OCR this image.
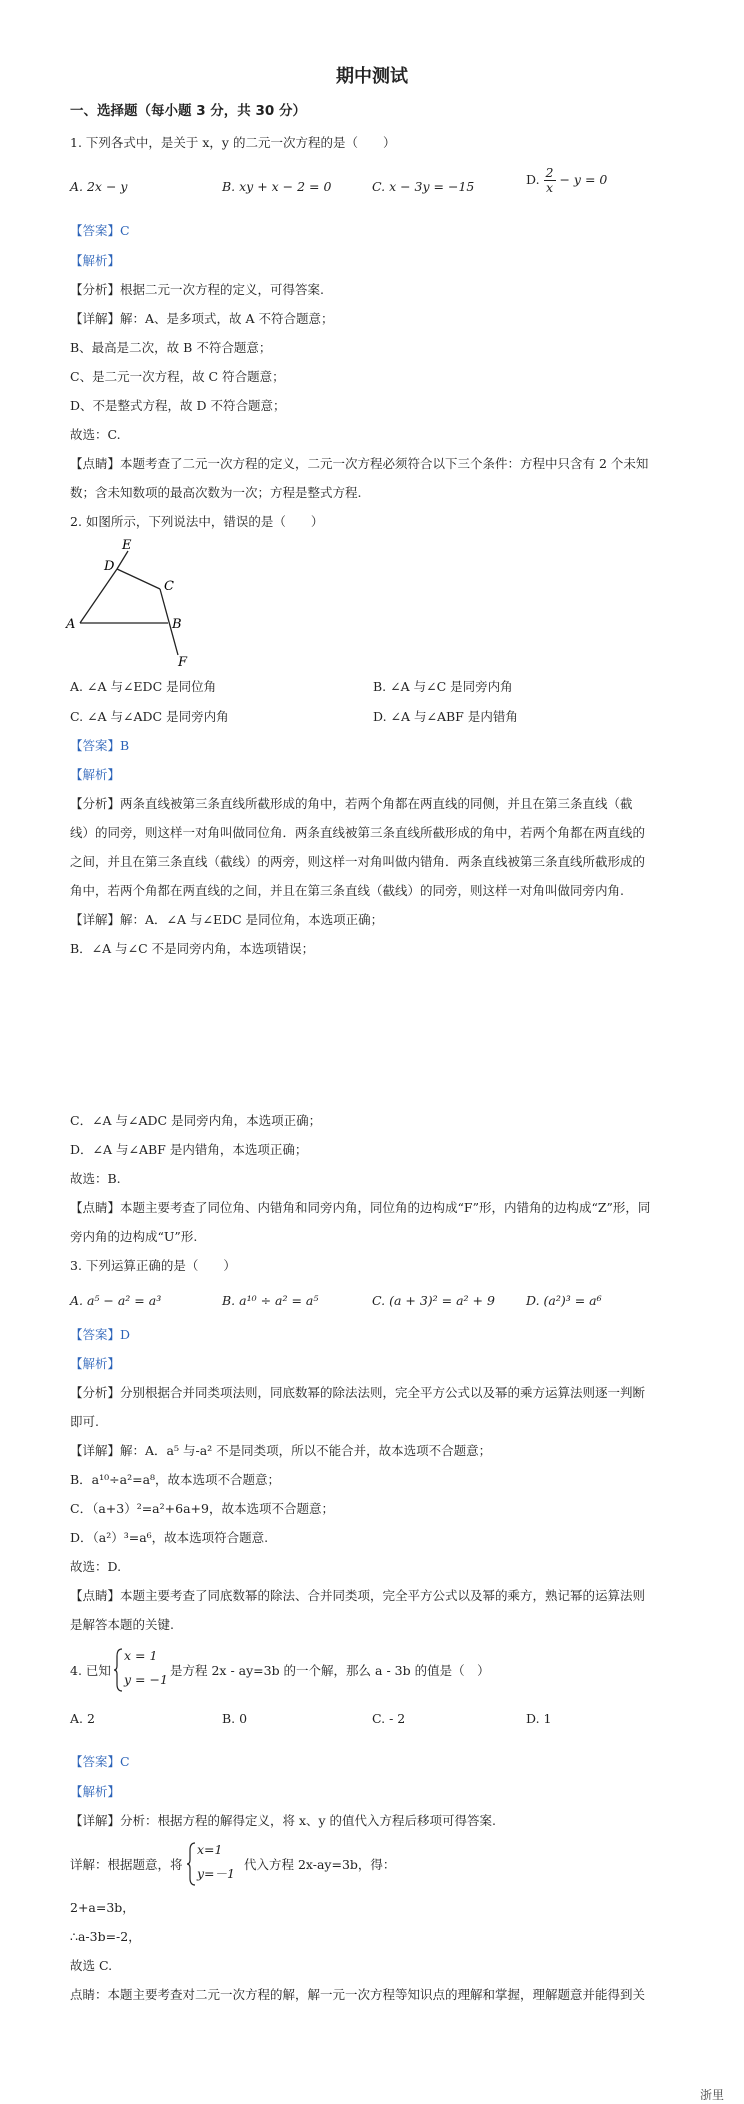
期中测试
一、选择题（每小题 3 分，共 30 分）
1. 下列各式中，是关于 x，y 的二元一次方程的是（　　）
A. 2x − y	B. xy + x − 2 = 0	C. x − 3y = −15	D. $\frac{2}{x} - y = 0$
【答案】C
【解析】
【分析】根据二元一次方程的定义，可得答案.
【详解】解：A、是多项式，故 A 不符合题意；
B、最高是二次，故 B 不符合题意；
C、是二元一次方程，故 C 符合题意；
D、不是整式方程，故 D 不符合题意；
故选：C.
【点睛】本题考查了二元一次方程的定义，二元一次方程必须符合以下三个条件：方程中只含有 2 个未知
数；含未知数项的最高次数为一次；方程是整式方程.
2. 如图所示，下列说法中，错误的是（　　）
E
D
C
A	B
F
A. ∠A 与∠EDC 是同位角	B. ∠A 与∠C 是同旁内角
C. ∠A 与∠ADC 是同旁内角	D. ∠A 与∠ABF 是内错角
【答案】B
【解析】
【分析】两条直线被第三条直线所截形成的角中，若两个角都在两直线的同侧，并且在第三条直线（截
线）的同旁，则这样一对角叫做同位角．两条直线被第三条直线所截形成的角中，若两个角都在两直线的
之间，并且在第三条直线（截线）的两旁，则这样一对角叫做内错角．两条直线被第三条直线所截形成的
角中，若两个角都在两直线的之间，并且在第三条直线（截线）的同旁，则这样一对角叫做同旁内角.
【详解】解：A．∠A 与∠EDC 是同位角，本选项正确；
B．∠A 与∠C 不是同旁内角，本选项错误；
C．∠A 与∠ADC 是同旁内角，本选项正确；
D．∠A 与∠ABF 是内错角，本选项正确；
故选：B.
【点睛】本题主要考查了同位角、内错角和同旁内角，同位角的边构成“F”形，内错角的边构成“Z”形，同
旁内角的边构成“U”形.
3. 下列运算正确的是（　　）
A. a⁵ − a² = a³	B. a¹⁰ ÷ a² = a⁵	C. (a + 3)² = a² + 9 D. (a²)³ = a⁶
【答案】D
【解析】
【分析】分别根据合并同类项法则，同底数幂的除法法则，完全平方公式以及幂的乘方运算法则逐一判断
即可.
【详解】解：A．a⁵ 与-a² 不是同类项，所以不能合并，故本选项不合题意；
B．a¹⁰÷a²=a⁸，故本选项不合题意；
C．（a+3）²=a²+6a+9，故本选项不合题意；
D．（a²）³=a⁶，故本选项符合题意.
故选：D.
【点睛】本题主要考查了同底数幂的除法、合并同类项，完全平方公式以及幂的乘方，熟记幂的运算法则
是解答本题的关键.
4. 已知
x = 1
y = −1
是方程 2x - ay=3b 的一个解，那么 a - 3b 的值是（　）
A. 2	B. 0	C. - 2	D. 1
【答案】C
【解析】
【详解】分析：根据方程的解得定义，将 x、y 的值代入方程后移项可得答案.
详解：根据题意，将
x=1
y=－1
代入方程 2x-ay=3b，得：
2+a=3b，
∴a-3b=-2，
故选 C.
点睛：本题主要考查对二元一次方程的解，解一元一次方程等知识点的理解和掌握，理解题意并能得到关
浙里
